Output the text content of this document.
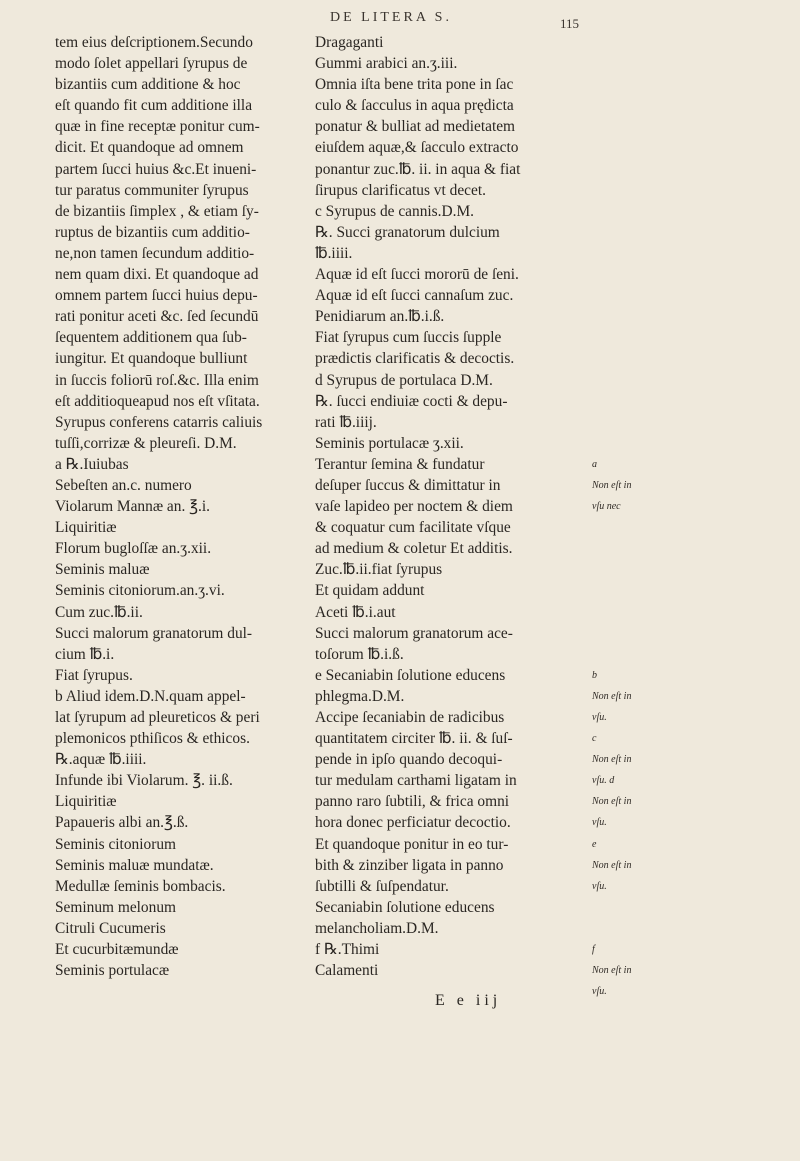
DE LITERA S.	115
tem eius deſcriptionem.Secundo
modo ſolet appellari ſyrupus de
bizantiis cum additione & hoc
eſt quando fit cum additione illa
quæ in fine receptæ ponitur cum-
dicit. Et quandoque ad omnem
partem ſucci huius &c.Et inueni-
tur paratus communiter ſyrupus
de bizantiis ſimplex , & etiam ſy-
ruptus de bizantiis cum additio-
ne,non tamen ſecundum additio-
nem quam dixi. Et quandoque ad
omnem partem ſucci huius depu-
rati ponitur aceti &c. ſed ſecundū
ſequentem additionem qua ſub-
iungitur. Et quandoque bulliunt
in ſuccis foliorū roſ.&c. Illa enim
eſt additioqueapud nos eſt vſitata.
Syrupus conferens catarris caliuis
tuſſi,corrizæ & pleureſi. D.M.
a ℞.Iuiubas
Sebeſten an.c. numero
Violarum Mannæ an. ℥.i.
Liquiritiæ
Florum bugloſſæ an.ʒ.xii.
Seminis maluæ
Seminis citoniorum.an.ʒ.vi.
Cum zuc.℔.ii.
Succi malorum granatorum dul-
cium ℔.i.
Fiat ſyrupus.
b Aliud idem.D.N.quam appel-
lat ſyrupum ad pleureticos & peri
plemonicos pthiſicos & ethicos.
℞.aquæ ℔.iiii.
Infunde ibi Violarum. ℥. ii.ß.
Liquiritiæ
Papaueris albi an.℥.ß.
Seminis citoniorum
Seminis maluæ mundatæ.
Medullæ ſeminis bombacis.
Seminum melonum
Citruli Cucumeris
Et cucurbitæmundæ
Seminis portulacæ
Dragaganti
Gummi arabici an.ʒ.iii.
Omnia iſta bene trita pone in ſac
culo & ſacculus in aqua prędicta
ponatur & bulliat ad medietatem
eiuſdem aquæ,& ſacculo extracto
ponantur zuc.℔. ii. in aqua & fiat
ſirupus clarificatus vt decet.
c Syrupus de cannis.D.M.
℞. Succi granatorum dulcium
℔.iiii.
Aquæ id eſt ſucci mororū de ſeni.
Aquæ id eſt ſucci cannaſum zuc.
Penidiarum an.℔.i.ß.
Fiat ſyrupus cum ſuccis ſupple
prædictis clarificatis & decoctis.
d Syrupus de portulaca D.M.
℞. ſucci endiuiæ cocti & depu-
rati ℔.iiij.
Seminis portulacæ ʒ.xii.
Terantur ſemina & fundatur
deſuper ſuccus & dimittatur in
vaſe lapideo per noctem & diem
& coquatur cum facilitate vſque
ad medium & coletur Et additis.
Zuc.℔.ii.fiat ſyrupus
Et quidam addunt
Aceti ℔.i.aut
Succi malorum granatorum ace-
toſorum ℔.i.ß.
e Secaniabin ſolutione educens
phlegma.D.M.
Accipe ſecaniabin de radicibus
quantitatem circiter ℔. ii. & ſuſ-
pende in ipſo quando decoqui-
tur medulam carthami ligatam in
panno raro ſubtili, & frica omni
hora donec perficiatur decoctio.
Et quandoque ponitur in eo tur-
bith & zinziber ligata in panno
ſubtilli & ſuſpendatur.
Secaniabin ſolutione educens
melancholiam.D.M.
f ℞.Thimi
Calamenti
a
Non eſt in
vſu nec
b
Non eſt in
vſu.
c
Non eſt in
vſu. d
Non eſt in
vſu.
e
Non eſt in
vſu.
f
Non eſt in
vſu.
E e iij
